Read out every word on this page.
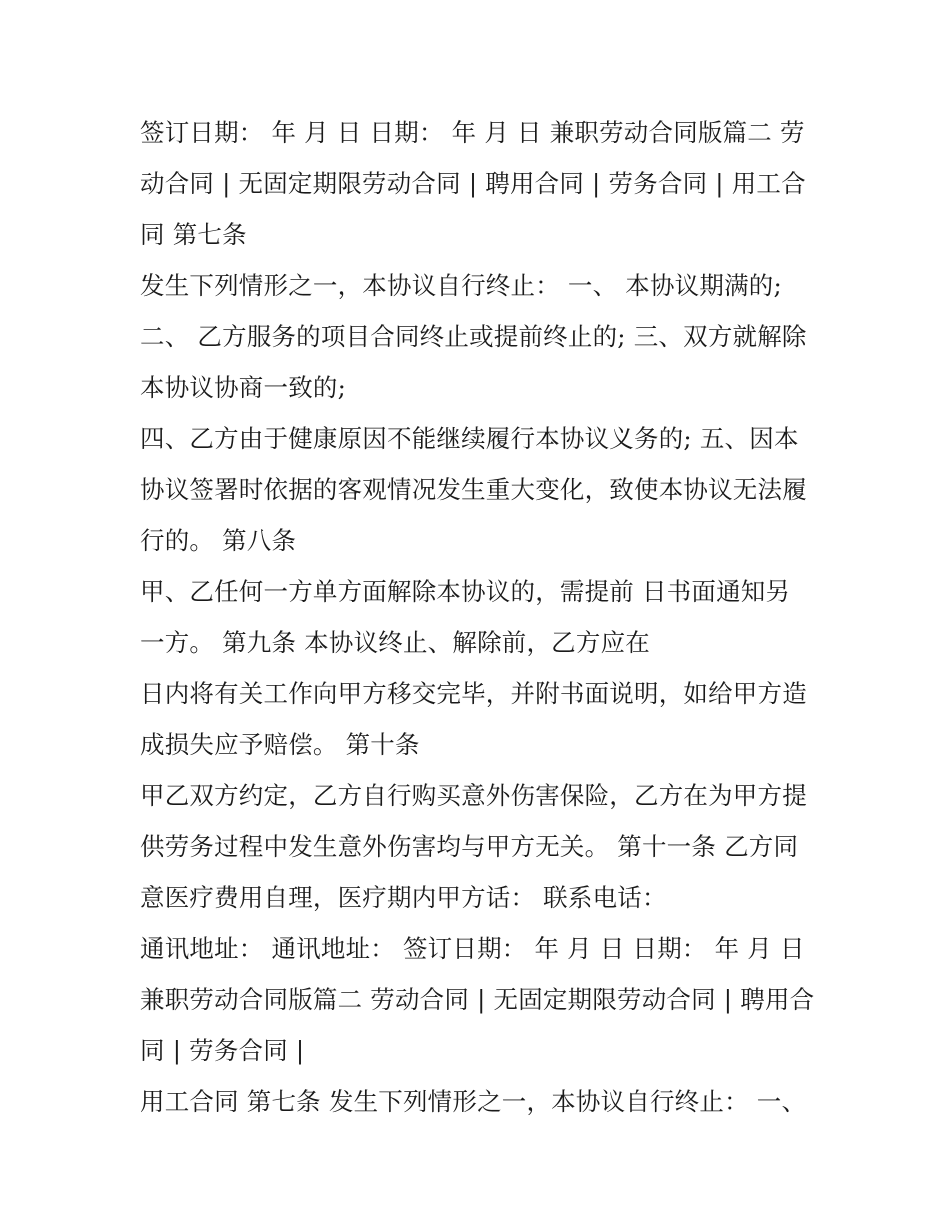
签订日期： 年 月 日 日期： 年 月 日 兼职劳动合同版篇二 劳
动合同 | 无固定期限劳动合同 | 聘用合同 | 劳务合同 | 用工合
同 第七条
发生下列情形之一，本协议自行终止： 一、 本协议期满的;
二、 乙方服务的项目合同终止或提前终止的; 三、双方就解除
本协议协商一致的;
四、乙方由于健康原因不能继续履行本协议义务的; 五、因本
协议签署时依据的客观情况发生重大变化，致使本协议无法履
行的。 第八条
甲、乙任何一方单方面解除本协议的，需提前 日书面通知另
一方。 第九条 本协议终止、解除前，乙方应在
日内将有关工作向甲方移交完毕，并附书面说明，如给甲方造
成损失应予赔偿。 第十条
甲乙双方约定，乙方自行购买意外伤害保险，乙方在为甲方提
供劳务过程中发生意外伤害均与甲方无关。 第十一条 乙方同
意医疗费用自理，医疗期内甲方话： 联系电话：
通讯地址： 通讯地址： 签订日期： 年 月 日 日期： 年 月 日
兼职劳动合同版篇二 劳动合同 | 无固定期限劳动合同 | 聘用合
同 | 劳务合同 |
用工合同 第七条 发生下列情形之一，本协议自行终止： 一、
